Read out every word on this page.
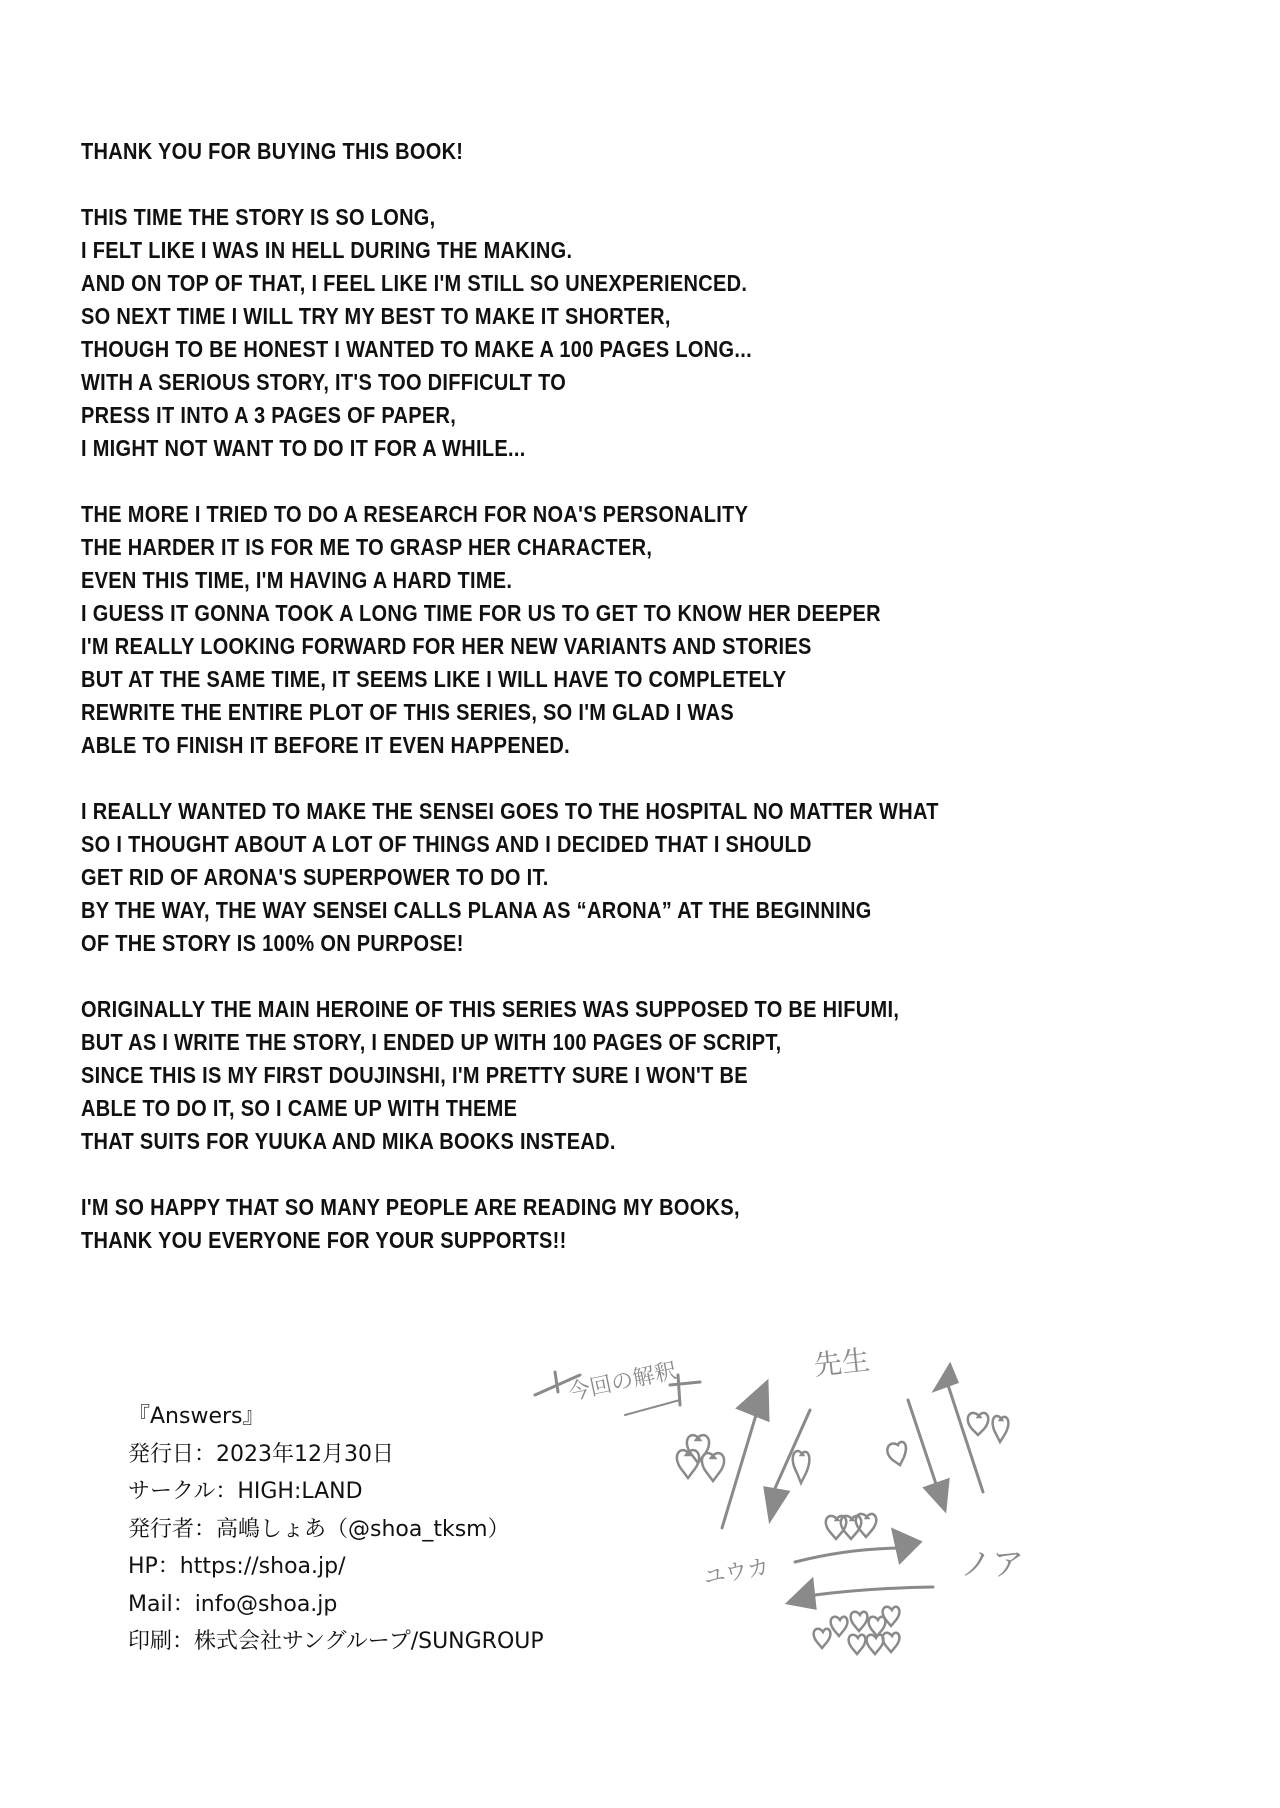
THANK YOU FOR BUYING THIS BOOK!
THIS TIME THE STORY IS SO LONG,
I FELT LIKE I WAS IN HELL DURING THE MAKING.
AND ON TOP OF THAT, I FEEL LIKE I'M STILL SO UNEXPERIENCED.
SO NEXT TIME I WILL TRY MY BEST TO MAKE IT SHORTER,
THOUGH TO BE HONEST I WANTED TO MAKE A 100 PAGES LONG...
WITH A SERIOUS STORY, IT'S TOO DIFFICULT TO
PRESS IT INTO A 3 PAGES OF PAPER,
I MIGHT NOT WANT TO DO IT FOR A WHILE...
THE MORE I TRIED TO DO A RESEARCH FOR NOA'S PERSONALITY
THE HARDER IT IS FOR ME TO GRASP HER CHARACTER,
EVEN THIS TIME, I'M HAVING A HARD TIME.
I GUESS IT GONNA TOOK A LONG TIME FOR US TO GET TO KNOW HER DEEPER
I'M REALLY LOOKING FORWARD FOR HER NEW VARIANTS AND STORIES
BUT AT THE SAME TIME, IT SEEMS LIKE I WILL HAVE TO COMPLETELY
REWRITE THE ENTIRE PLOT OF THIS SERIES, SO I'M GLAD I WAS
ABLE TO FINISH IT BEFORE IT EVEN HAPPENED.
I REALLY WANTED TO MAKE THE SENSEI GOES TO THE HOSPITAL NO MATTER WHAT
SO I THOUGHT ABOUT A LOT OF THINGS AND I DECIDED THAT I SHOULD
GET RID OF ARONA'S SUPERPOWER TO DO IT.
BY THE WAY, THE WAY SENSEI CALLS PLANA AS “ARONA” AT THE BEGINNING
OF THE STORY IS 100% ON PURPOSE!
ORIGINALLY THE MAIN HEROINE OF THIS SERIES WAS SUPPOSED TO BE HIFUMI,
BUT AS I WRITE THE STORY, I ENDED UP WITH 100 PAGES OF SCRIPT,
SINCE THIS IS MY FIRST DOUJINSHI, I'M PRETTY SURE I WON'T BE
ABLE TO DO IT, SO I CAME UP WITH THEME
THAT SUITS FOR YUUKA AND MIKA BOOKS INSTEAD.
I'M SO HAPPY THAT SO MANY PEOPLE ARE READING MY BOOKS,
THANK YOU EVERYONE FOR YOUR SUPPORTS!!
『Answers』
発行日：2023年12月30日
サークル：HIGH:LAND
発行者：高嶋しょあ（@shoa_tksm）
HP：https://shoa.jp/
Mail：info@shoa.jp
印刷：株式会社サングループ/SUNGROUP
今回の解釈	先生
ユウカ	ノア
